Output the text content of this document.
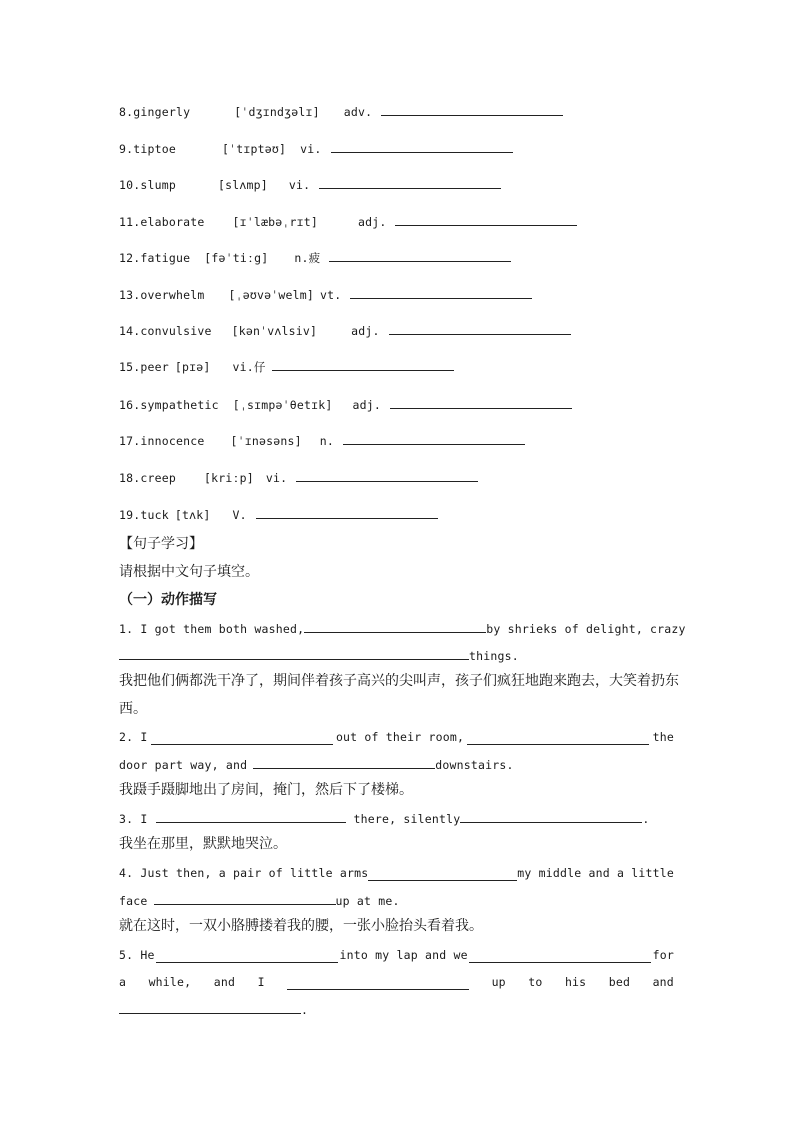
8.gingerly	[ˈdʒɪndʒəlɪ] adv.
9.tiptoe	[ˈtɪptəʊ] vi.
10.slump	[slʌmp] vi.
11.elaborate [ɪˈlæbəˌrɪt]	adj.
12.fatigue [fəˈtiːg] n.疲
13.overwhelm [ˌəʊvəˈwelm] vt.
14.convulsive [kənˈvʌlsiv]	adj.
15.peer [pɪə] vi.仔
16.sympathetic [ˌsɪmpəˈθetɪk] adj.
17.innocence [ˈɪnəsəns] n.
18.creep [kriːp] vi.
19.tuck [tʌk] V.
【句子学习】
请根据中文句子填空。
（一）动作描写
1. I got them both washed,	by shrieks of delight, crazy
things.
我把他们俩都洗干净了，期间伴着孩子高兴的尖叫声，孩子们疯狂地跑来跑去，大笑着扔东
西。
2. I	out of their room,	the
door part way, and	downstairs.
我蹑手蹑脚地出了房间，掩门，然后下了楼梯。
3. I	there, silently	.
我坐在那里，默默地哭泣。
4. Just then, a pair of little arms	my middle and a little
face	up at me.
就在这时，一双小胳膊搂着我的腰，一张小脸抬头看着我。
5. He	into my lap and we	for
a while, and I	up to his bed and
.
